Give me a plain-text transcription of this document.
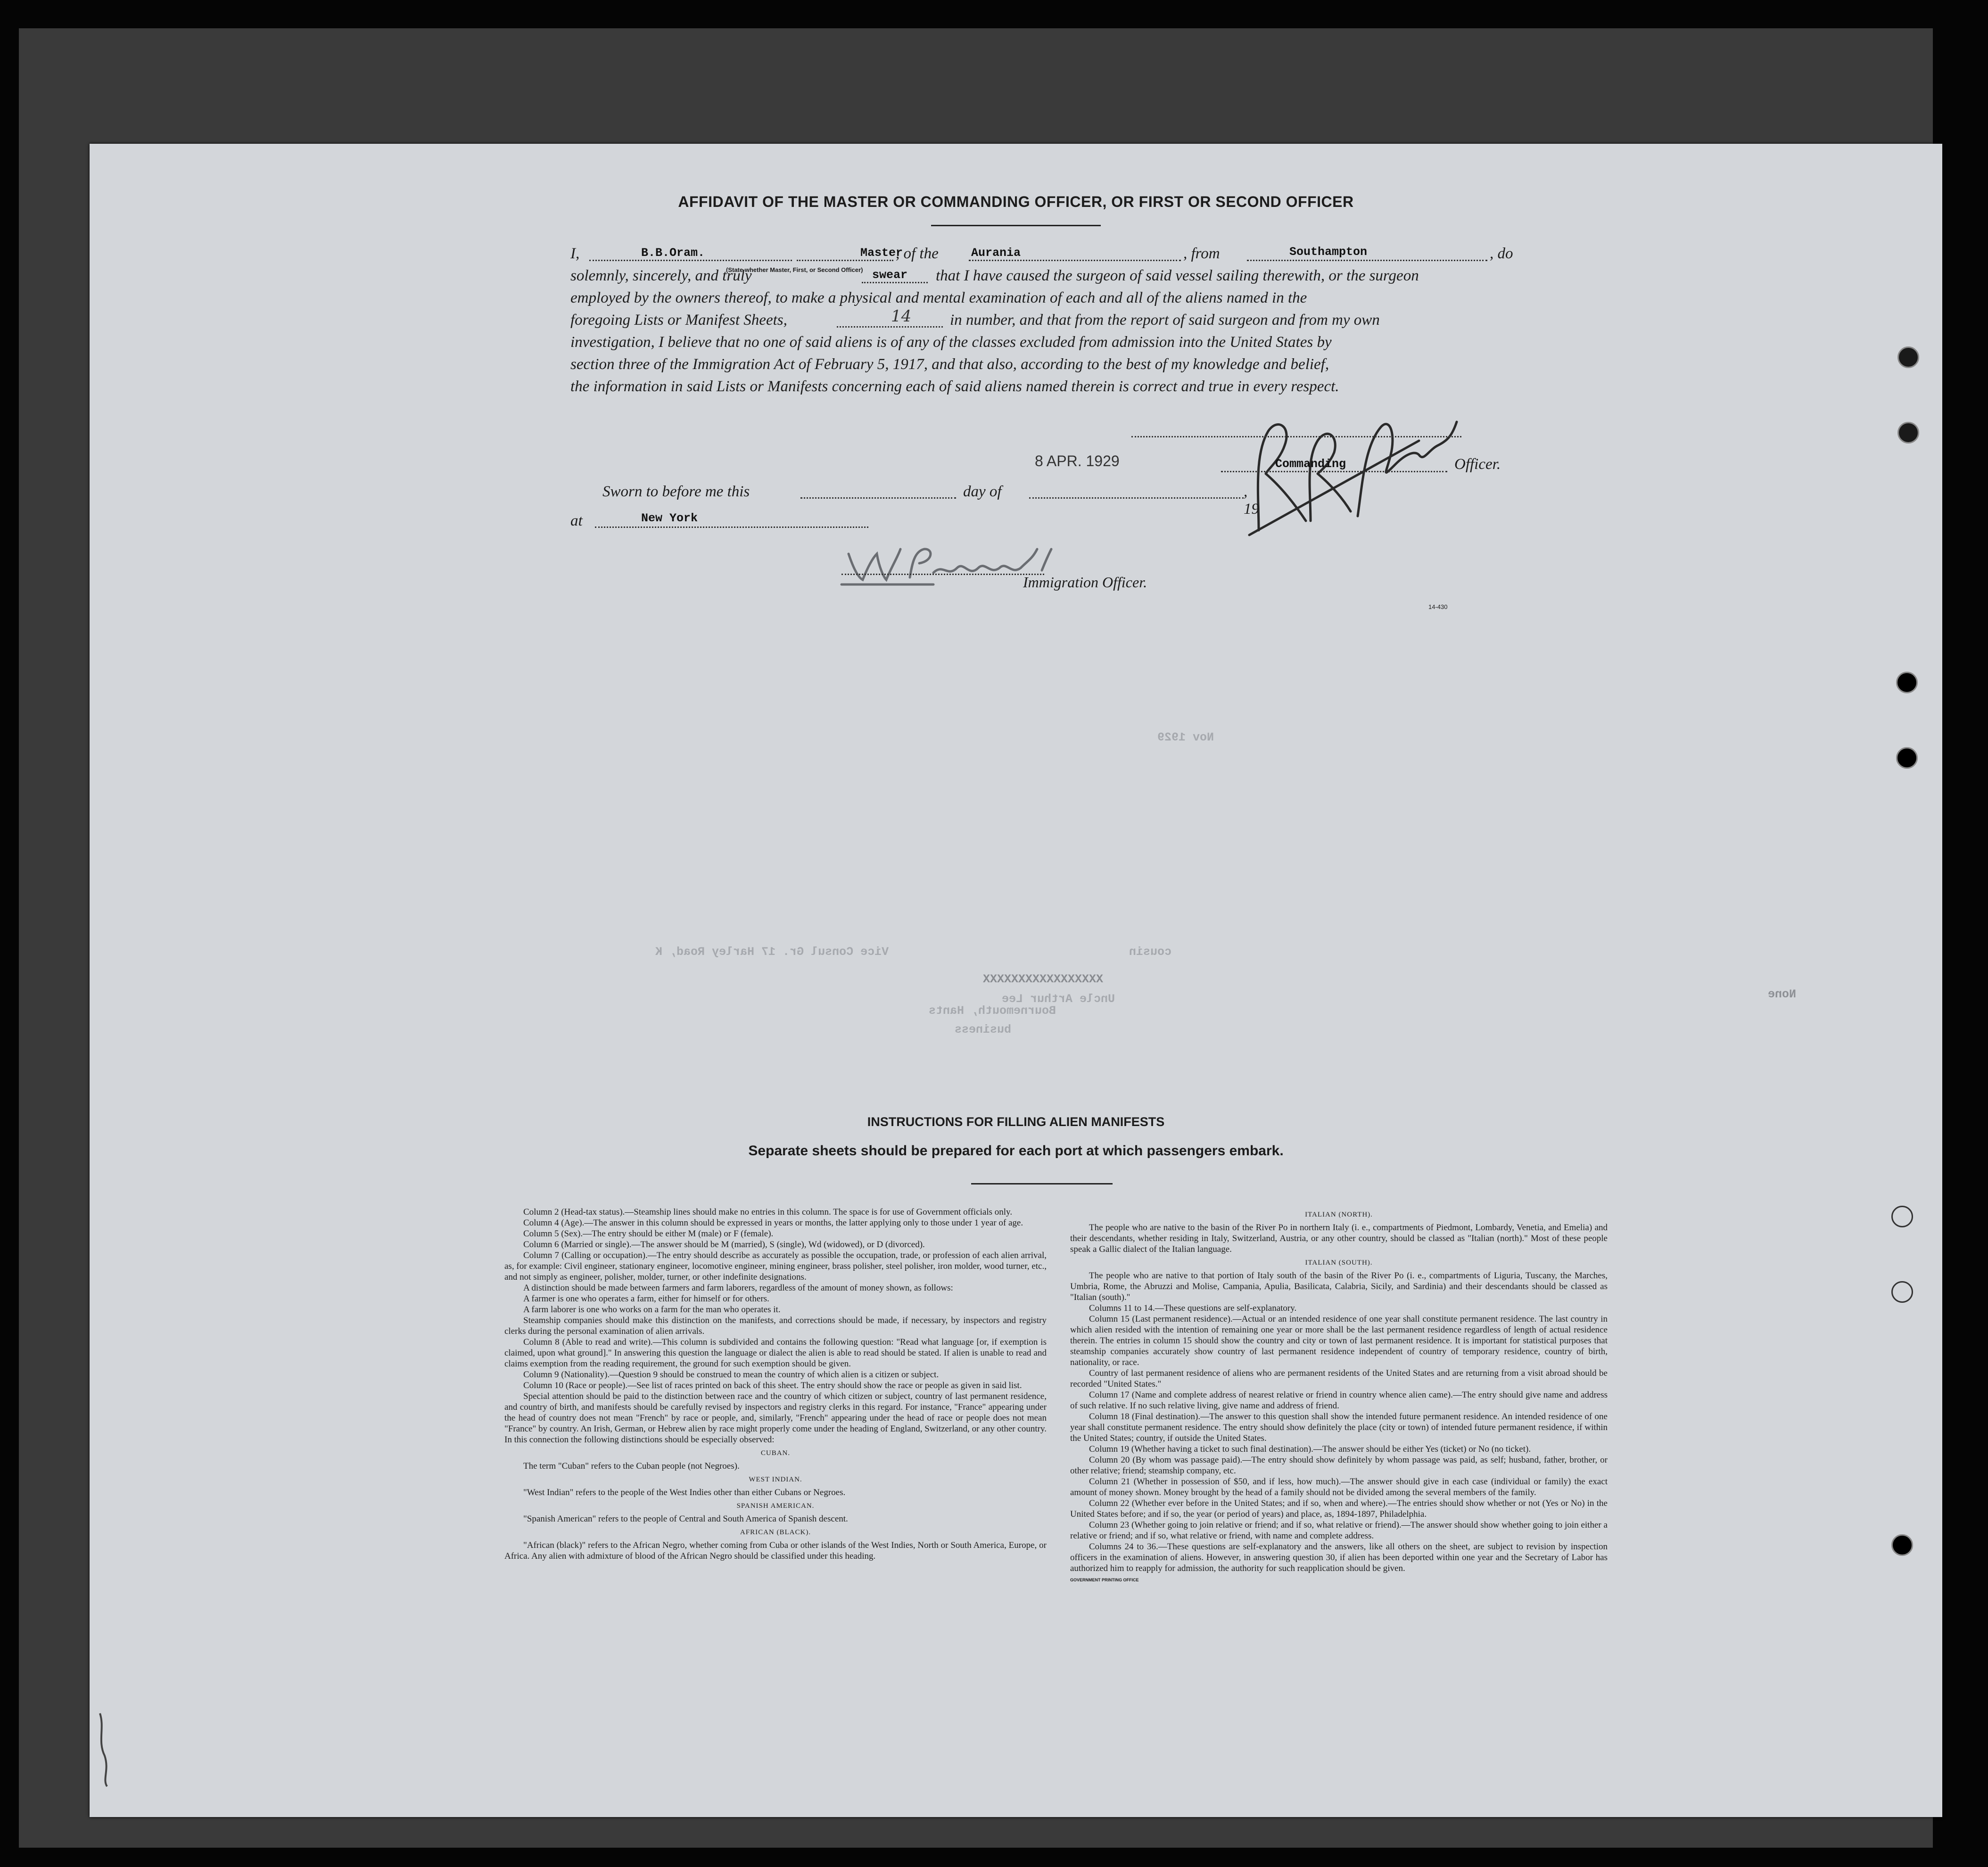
AFFIDAVIT OF THE MASTER OR COMMANDING OFFICER, OR FIRST OR SECOND OFFICER
I,	B.B.Oram.	Master
, of the	Aurania	, from	Southampton	, do
(State whether Master, First, or Second Officer)
solemnly, sincerely, and truly	swear that I have caused the surgeon of said vessel sailing therewith, or the surgeon
employed by the owners thereof, to make a physical and mental examination of each and all of the aliens named in the
foregoing Lists or Manifest Sheets,	14 in number, and that from the report of said surgeon and from my own
investigation, I believe that no one of said aliens is of any of the classes excluded from admission into the United States by
section three of the Immigration Act of February 5, 1917, and that also, according to the best of my knowledge and belief,
the information in said Lists or Manifests concerning each of said aliens named therein is correct and true in every respect.
8 APR. 1929	Commanding	Officer.
Sworn to before me this	day of	, 19
at	New York
Immigration Officer.
14-430
Nov 1929
cousin
Vice Consul Gr. 17 Harley Road, K
XXXXXXXXXXXXXXXXX
Uncle Arthur Lee
Bournemouth, Hants
business
None
INSTRUCTIONS FOR FILLING ALIEN MANIFESTS
Separate sheets should be prepared for each port at which passengers embark.

Column 2 (Head-tax status).—Steamship lines should make no entries in this column. The space is for use of Government officials only.

Column 4 (Age).—The answer in this column should be expressed in years or months, the latter applying only to those under 1 year of age.

Column 5 (Sex).—The entry should be either M (male) or F (female).

Column 6 (Married or single).—The answer should be M (married), S (single), Wd (widowed), or D (divorced).

Column 7 (Calling or occupation).—The entry should describe as accurately as possible the occupation, trade, or profession of each alien arrival, as, for example: Civil engineer, stationary engineer, locomotive engineer, mining engineer, brass polisher, steel polisher, iron molder, wood turner, etc., and not simply as engineer, polisher, molder, turner, or other indefinite designations.

A distinction should be made between farmers and farm laborers, regardless of the amount of money shown, as follows:

A farmer is one who operates a farm, either for himself or for others.

A farm laborer is one who works on a farm for the man who operates it.

Steamship companies should make this distinction on the manifests, and corrections should be made, if necessary, by inspectors and registry clerks during the personal examination of alien arrivals.

Column 8 (Able to read and write).—This column is subdivided and contains the following question: "Read what language [or, if exemption is claimed, upon what ground]." In answering this question the language or dialect the alien is able to read should be stated. If alien is unable to read and claims exemption from the reading requirement, the ground for such exemption should be given.

Column 9 (Nationality).—Question 9 should be construed to mean the country of which alien is a citizen or subject.

Column 10 (Race or people).—See list of races printed on back of this sheet. The entry should show the race or people as given in said list.

Special attention should be paid to the distinction between race and the country of which citizen or subject, country of last permanent residence, and country of birth, and manifests should be carefully revised by inspectors and registry clerks in this regard. For instance, "France" appearing under the head of country does not mean "French" by race or people, and, similarly, "French" appearing under the head of race or people does not mean "France" by country. An Irish, German, or Hebrew alien by race might properly come under the heading of England, Switzerland, or any other country. In this connection the following distinctions should be especially observed:

CUBAN.

The term "Cuban" refers to the Cuban people (not Negroes).

WEST INDIAN.

"West Indian" refers to the people of the West Indies other than either Cubans or Negroes.

SPANISH AMERICAN.

"Spanish American" refers to the people of Central and South America of Spanish descent.

AFRICAN (BLACK).

"African (black)" refers to the African Negro, whether coming from Cuba or other islands of the West Indies, North or South America, Europe, or Africa. Any alien with admixture of blood of the African Negro should be classified under this heading.

ITALIAN (NORTH).

The people who are native to the basin of the River Po in northern Italy (i. e., compartments of Piedmont, Lombardy, Venetia, and Emelia) and their descendants, whether residing in Italy, Switzerland, Austria, or any other country, should be classed as "Italian (north)." Most of these people speak a Gallic dialect of the Italian language.

ITALIAN (SOUTH).

The people who are native to that portion of Italy south of the basin of the River Po (i. e., compartments of Liguria, Tuscany, the Marches, Umbria, Rome, the Abruzzi and Molise, Campania, Apulia, Basilicata, Calabria, Sicily, and Sardinia) and their descendants should be classed as "Italian (south)."

Columns 11 to 14.—These questions are self-explanatory.

Column 15 (Last permanent residence).—Actual or an intended residence of one year shall constitute permanent residence. The last country in which alien resided with the intention of remaining one year or more shall be the last permanent residence regardless of length of actual residence therein. The entries in column 15 should show the country and city or town of last permanent residence. It is important for statistical purposes that steamship companies accurately show country of last permanent residence independent of country of temporary residence, country of birth, nationality, or race.

Country of last permanent residence of aliens who are permanent residents of the United States and are returning from a visit abroad should be recorded "United States."

Column 17 (Name and complete address of nearest relative or friend in country whence alien came).—The entry should give name and address of such relative. If no such relative living, give name and address of friend.

Column 18 (Final destination).—The answer to this question shall show the intended future permanent residence. An intended residence of one year shall constitute permanent residence. The entry should show definitely the place (city or town) of intended future permanent residence, if within the United States; country, if outside the United States.

Column 19 (Whether having a ticket to such final destination).—The answer should be either Yes (ticket) or No (no ticket).

Column 20 (By whom was passage paid).—The entry should show definitely by whom passage was paid, as self; husband, father, brother, or other relative; friend; steamship company, etc.

Column 21 (Whether in possession of $50, and if less, how much).—The answer should give in each case (individual or family) the exact amount of money shown. Money brought by the head of a family should not be divided among the several members of the family.

Column 22 (Whether ever before in the United States; and if so, when and where).—The entries should show whether or not (Yes or No) in the United States before; and if so, the year (or period of years) and place, as, 1894-1897, Philadelphia.

Column 23 (Whether going to join relative or friend; and if so, what relative or friend).—The answer should show whether going to join either a relative or friend; and if so, what relative or friend, with name and complete address.

Columns 24 to 36.—These questions are self-explanatory and the answers, like all others on the sheet, are subject to revision by inspection officers in the examination of aliens. However, in answering question 30, if alien has been deported within one year and the Secretary of Labor has authorized him to reapply for admission, the authority for such reapplication should be given.

GOVERNMENT PRINTING OFFICE
